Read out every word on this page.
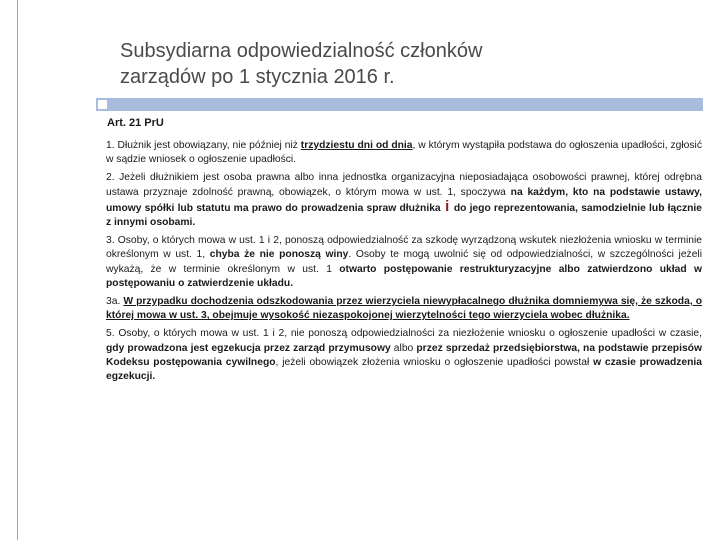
Subsydiarna odpowiedzialność członków
zarządów po 1 stycznia 2016 r.
Art. 21 PrU

1. Dłużnik jest obowiązany, nie później niż trzydziestu dni od dnia, w którym wystąpiła podstawa do ogłoszenia upadłości, zgłosić w sądzie wniosek o ogłoszenie upadłości.

2. Jeżeli dłużnikiem jest osoba prawna albo inna jednostka organizacyjna nieposiadająca osobowości prawnej, której odrębna ustawa przyznaje zdolność prawną, obowiązek, o którym mowa w ust. 1, spoczywa na każdym, kto na podstawie ustawy, umowy spółki lub statutu ma prawo do prowadzenia spraw dłużnika i do jego reprezentowania, samodzielnie lub łącznie z innymi osobami.

3. Osoby, o których mowa w ust. 1 i 2, ponoszą odpowiedzialność za szkodę wyrządzoną wskutek niezłożenia wniosku w terminie określonym w ust. 1, chyba że nie ponoszą winy. Osoby te mogą uwolnić się od odpowiedzialności, w szczególności jeżeli wykażą, że w terminie określonym w ust. 1 otwarto postępowanie restrukturyzacyjne albo zatwierdzono układ w postępowaniu o zatwierdzenie układu.

3a. W przypadku dochodzenia odszkodowania przez wierzyciela niewypłacalnego dłużnika domniemywa się, że szkoda, o której mowa w ust. 3, obejmuje wysokość niezaspokojonej wierzytelności tego wierzyciela wobec dłużnika.

5. Osoby, o których mowa w ust. 1 i 2, nie ponoszą odpowiedzialności za niezłożenie wniosku o ogłoszenie upadłości w czasie, gdy prowadzona jest egzekucja przez zarząd przymusowy albo przez sprzedaż przedsiębiorstwa, na podstawie przepisów Kodeksu postępowania cywilnego, jeżeli obowiązek złożenia wniosku o ogłoszenie upadłości powstał w czasie prowadzenia egzekucji.
